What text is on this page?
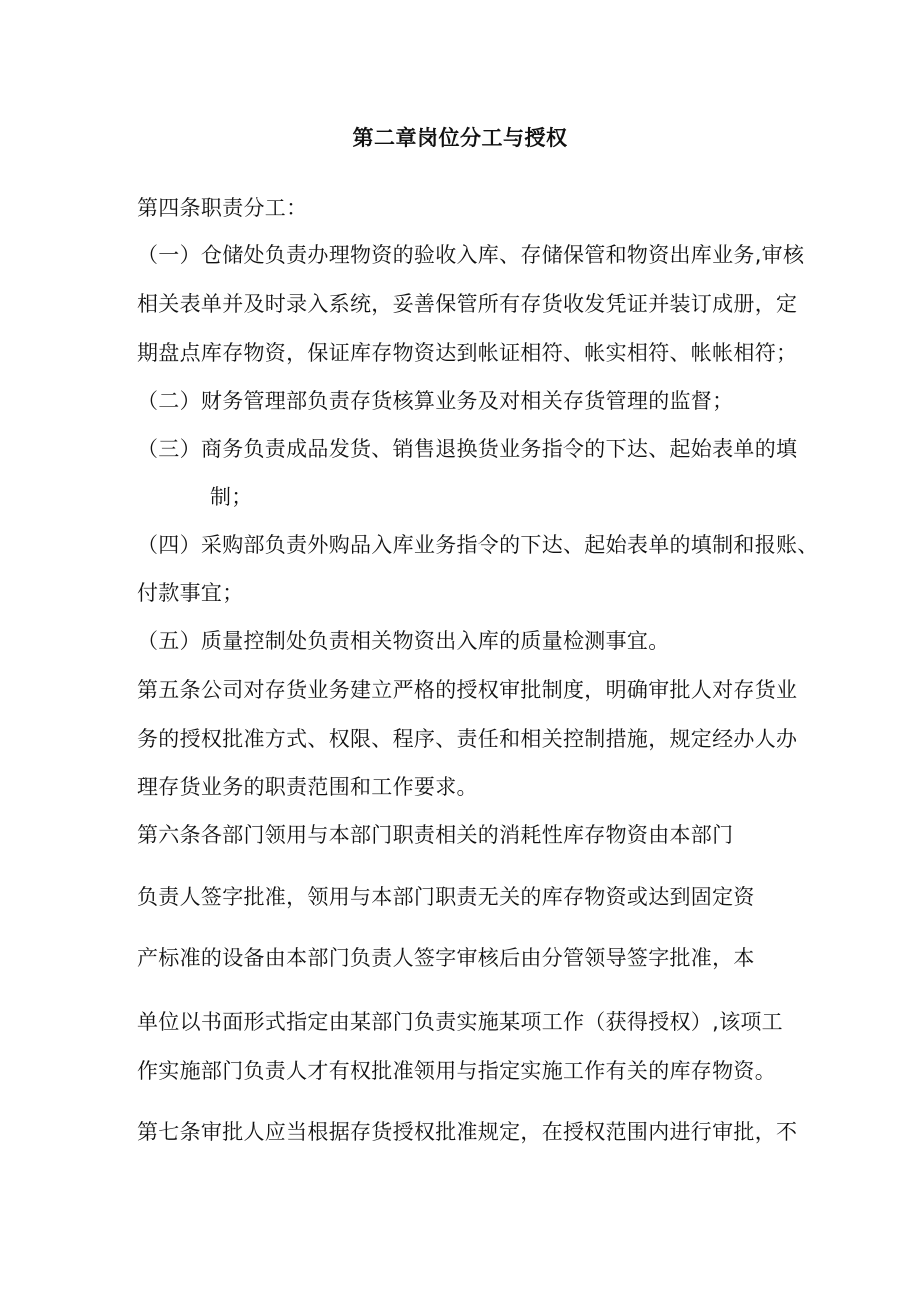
第二章岗位分工与授权
第四条职责分工：
（一）仓储处负责办理物资的验收入库、存储保管和物资出库业务,审核
相关表单并及时录入系统，妥善保管所有存货收发凭证并装订成册，定
期盘点库存物资，保证库存物资达到帐证相符、帐实相符、帐帐相符；
（二）财务管理部负责存货核算业务及对相关存货管理的监督；
（三）商务负责成品发货、销售退换货业务指令的下达、起始表单的填
制；
（四）采购部负责外购品入库业务指令的下达、起始表单的填制和报账、
付款事宜；
（五）质量控制处负责相关物资出入库的质量检测事宜。
第五条公司对存货业务建立严格的授权审批制度，明确审批人对存货业
务的授权批准方式、权限、程序、责任和相关控制措施，规定经办人办
理存货业务的职责范围和工作要求。
第六条各部门领用与本部门职责相关的消耗性库存物资由本部门
负责人签字批准，领用与本部门职责无关的库存物资或达到固定资
产标准的设备由本部门负责人签字审核后由分管领导签字批准，本
单位以书面形式指定由某部门负责实施某项工作（获得授权）,该项工
作实施部门负责人才有权批准领用与指定实施工作有关的库存物资。
第七条审批人应当根据存货授权批准规定，在授权范围内进行审批，不
